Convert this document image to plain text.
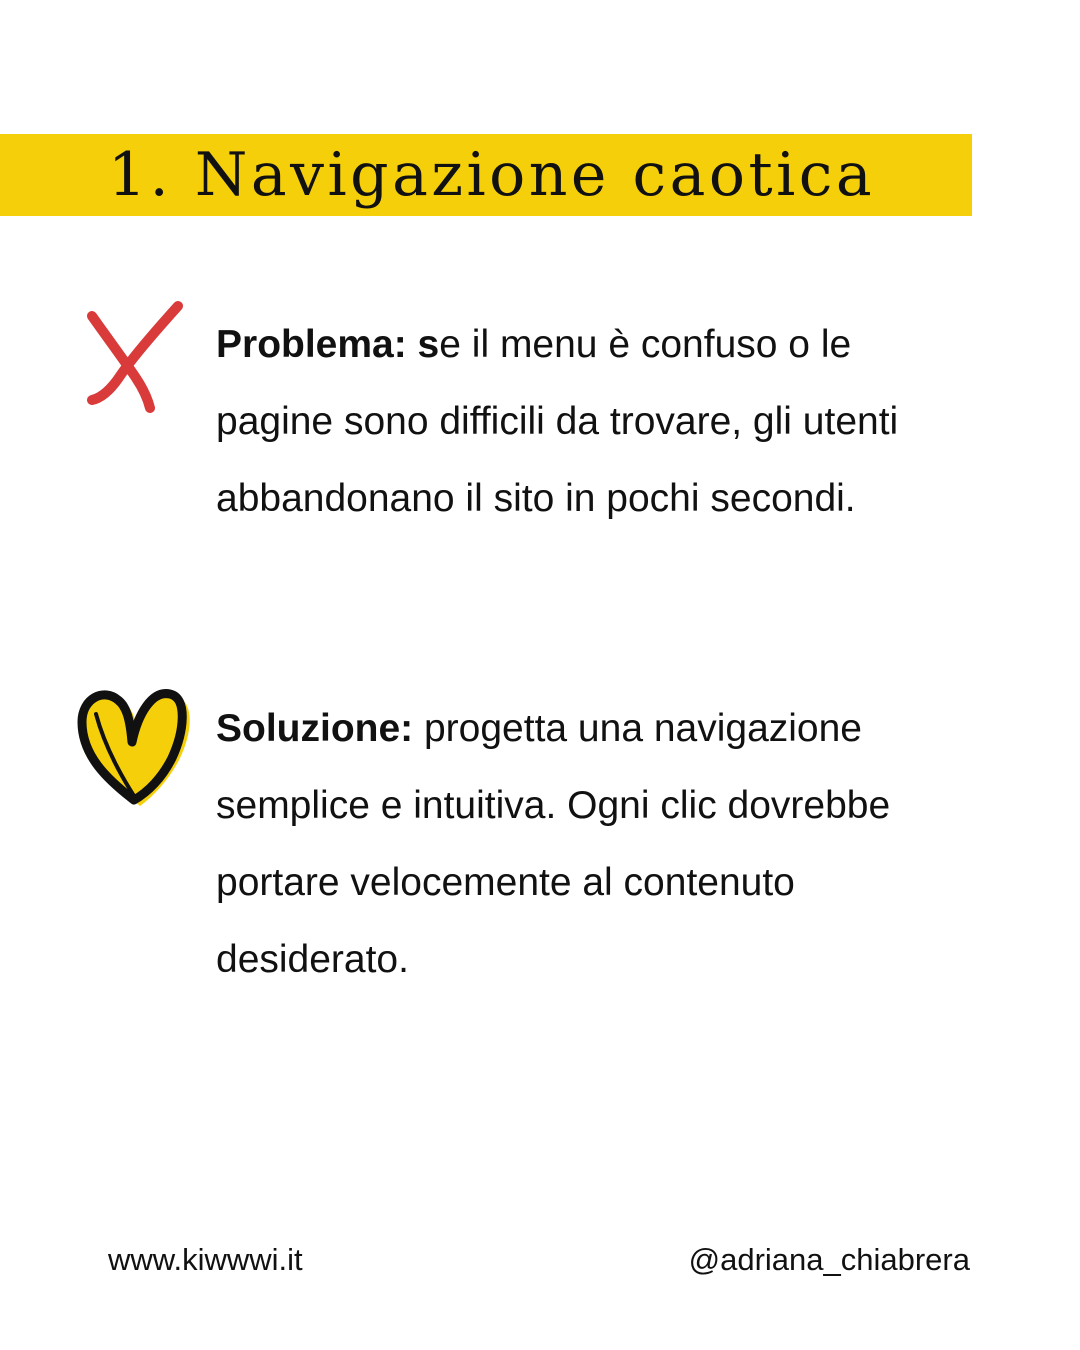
1. Navigazione caotica

Problema: se il menu è confuso o le pagine sono difficili da trovare, gli utenti abbandonano il sito in pochi secondi.

Soluzione: progetta una navigazione semplice e intuitiva. Ogni clic dovrebbe portare velocemente al contenuto desiderato.

www.kiwwwi.it	@adriana_chiabrera
